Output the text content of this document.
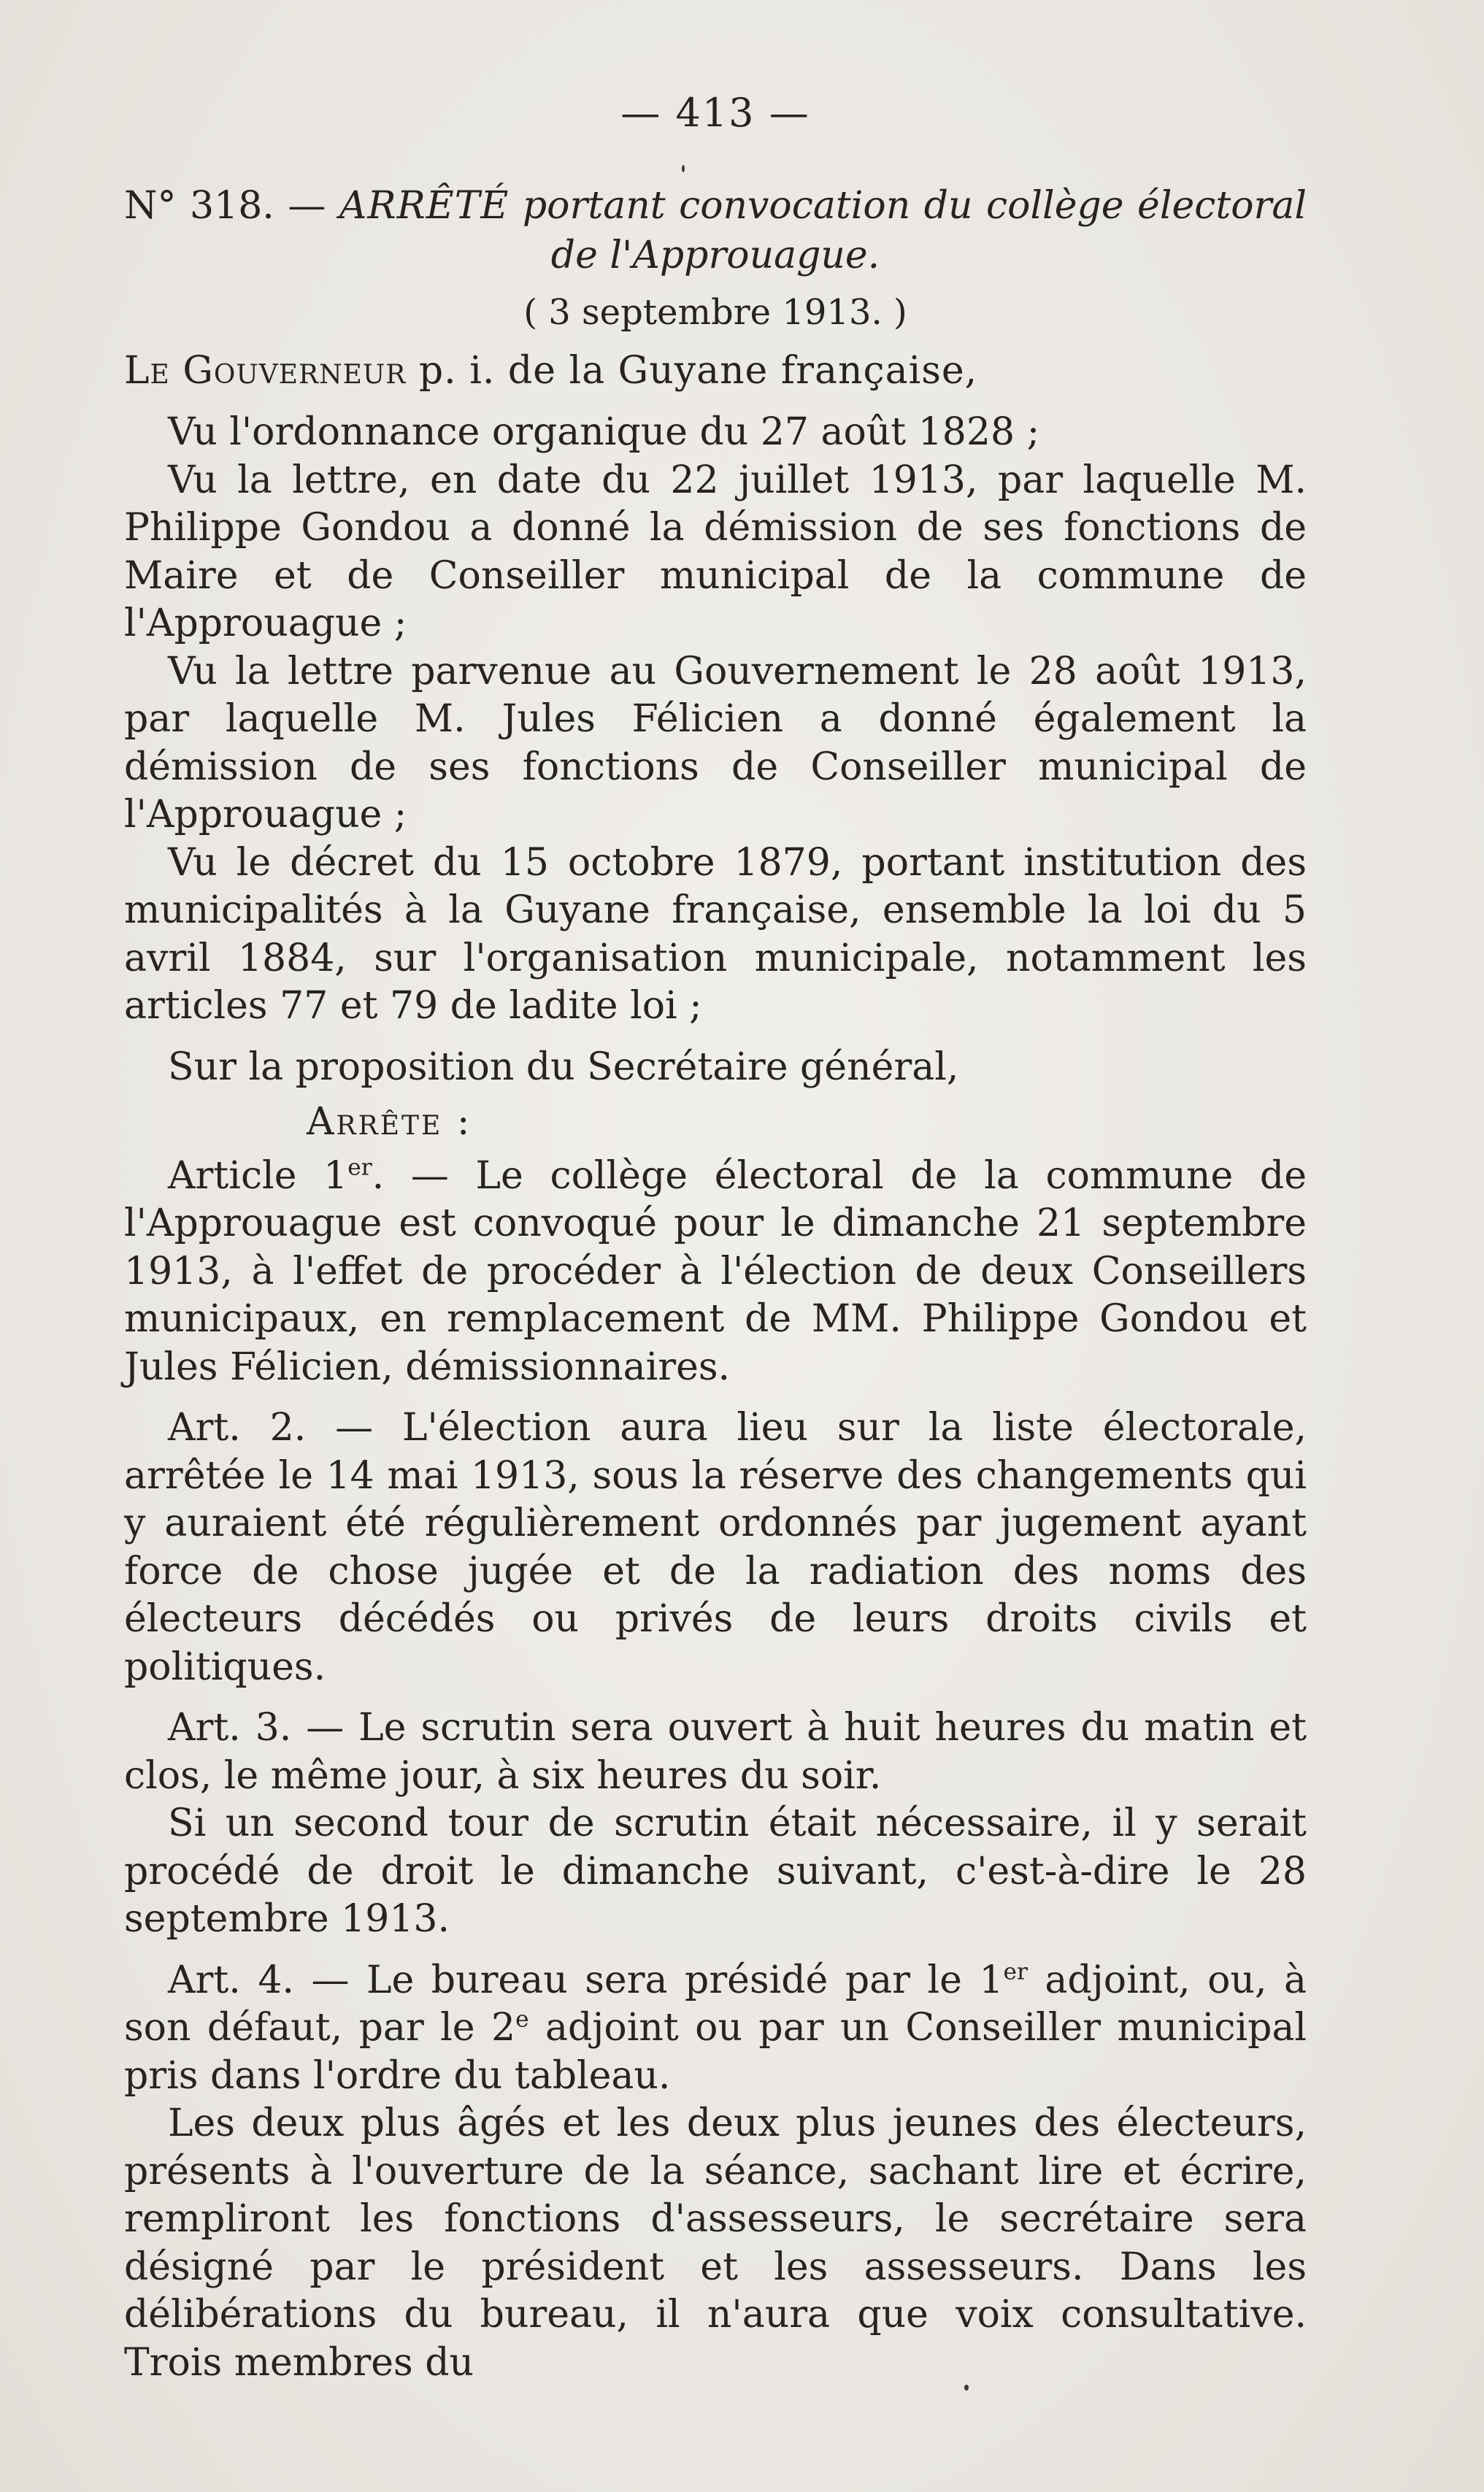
— 413 —
N° 318. — ARRÊTÉ portant convocation du collège électoral
de l'Approuague.
( 3 septembre 1913. )
Le Gouverneur p. i. de la Guyane française,

Vu l'ordonnance organique du 27 août 1828 ;

Vu la lettre, en date du 22 juillet 1913, par laquelle M. Philippe Gondou a donné la démission de ses fonctions de Maire et de Conseiller municipal de la commune de l'Approuague ;

Vu la lettre parvenue au Gouvernement le 28 août 1913, par laquelle M. Jules Félicien a donné également la démission de ses fonctions de Conseiller municipal de l'Approuague ;

Vu le décret du 15 octobre 1879, portant institution des municipalités à la Guyane française, ensemble la loi du 5 avril 1884, sur l'organisation municipale, notamment les articles 77 et 79 de ladite loi ;

Sur la proposition du Secrétaire général,

Arrête :

Article 1er. — Le collège électoral de la commune de l'Approuague est convoqué pour le dimanche 21 septembre 1913, à l'effet de procéder à l'élection de deux Conseillers municipaux, en remplacement de MM. Philippe Gondou et Jules Félicien, démissionnaires.

Art. 2. — L'élection aura lieu sur la liste électorale, arrêtée le 14 mai 1913, sous la réserve des changements qui y auraient été régulièrement ordonnés par jugement ayant force de chose jugée et de la radiation des noms des électeurs décédés ou privés de leurs droits civils et politiques.

Art. 3. — Le scrutin sera ouvert à huit heures du matin et clos, le même jour, à six heures du soir.

Si un second tour de scrutin était nécessaire, il y serait procédé de droit le dimanche suivant, c'est-à-dire le 28 septembre 1913.

Art. 4. — Le bureau sera présidé par le 1er adjoint, ou, à son défaut, par le 2e adjoint ou par un Conseiller municipal pris dans l'ordre du tableau.

Les deux plus âgés et les deux plus jeunes des électeurs, présents à l'ouverture de la séance, sachant lire et écrire, rempliront les fonctions d'assesseurs, le secrétaire sera désigné par le président et les assesseurs. Dans les délibérations du bureau, il n'aura que voix consultative. Trois membres du
